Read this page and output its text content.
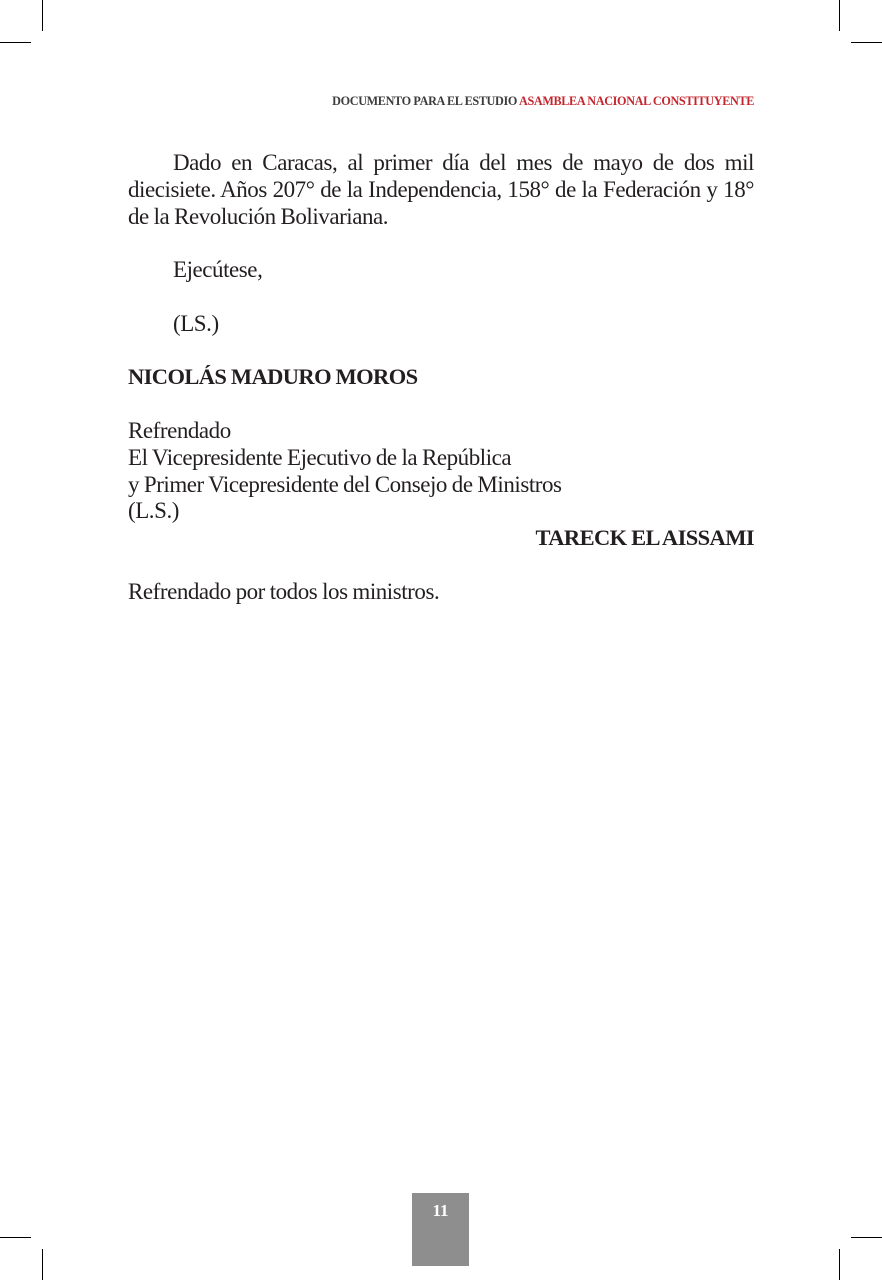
DOCUMENTO PARA EL ESTUDIO ASAMBLEA NACIONAL CONSTITUYENTE

Dado en Caracas, al primer día del mes de mayo de dos mil diecisiete. Años 207° de la Independencia, 158° de la Federación y 18° de la Revolución Bolivariana.

Ejecútese,

(LS.)

NICOLÁS MADURO MOROS

Refrendado
El Vicepresidente Ejecutivo de la República
y Primer Vicepresidente del Consejo de Ministros
(L.S.)
TARECK EL AISSAMI

Refrendado por todos los ministros.

11
